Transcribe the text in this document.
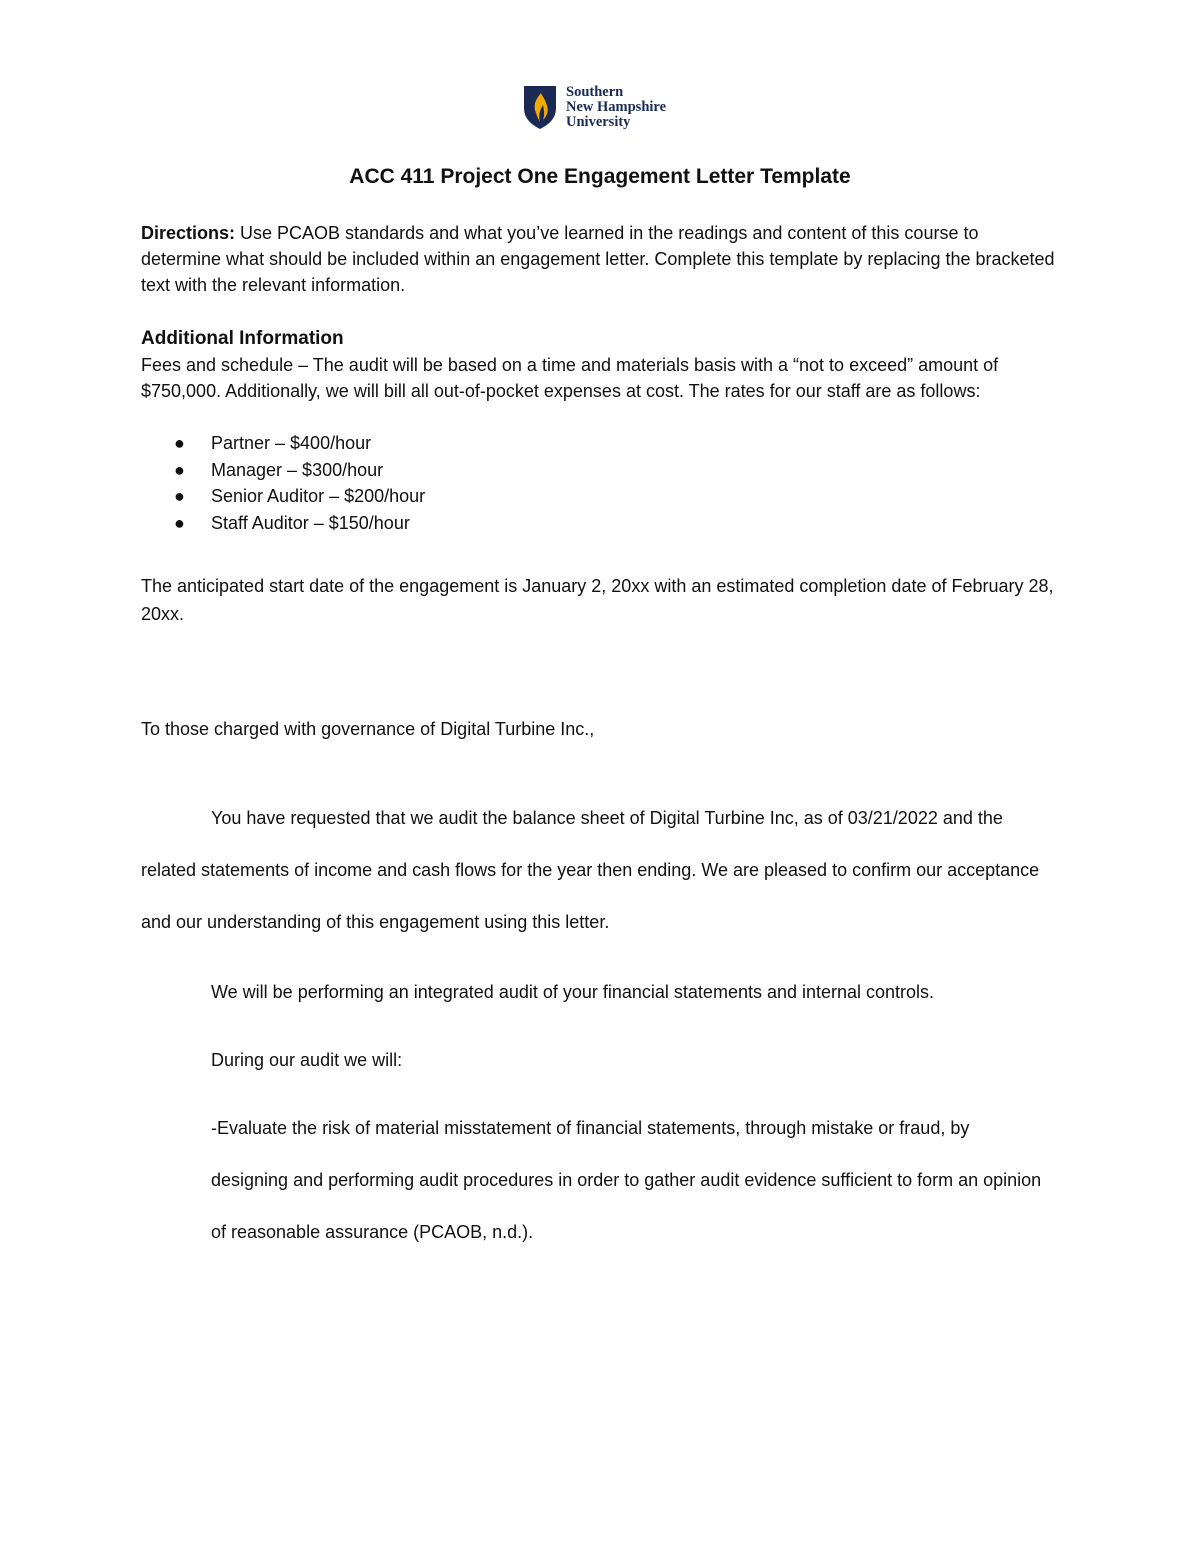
Southern
New Hampshire
University
ACC 411 Project One Engagement Letter Template

Directions: Use PCAOB standards and what you’ve learned in the readings and content of this course to determine what should be included within an engagement letter. Complete this template by replacing the bracketed text with the relevant information.

Additional Information

Fees and schedule – The audit will be based on a time and materials basis with a “not to exceed” amount of $750,000. Additionally, we will bill all out-of-pocket expenses at cost. The rates for our staff are as follows:

● Partner – $400/hour
● Manager – $300/hour
● Senior Auditor – $200/hour
● Staff Auditor – $150/hour

The anticipated start date of the engagement is January 2, 20xx with an estimated completion date of February 28, 20xx.

To those charged with governance of Digital Turbine Inc.,

You have requested that we audit the balance sheet of Digital Turbine Inc, as of 03/21/2022 and the related statements of income and cash flows for the year then ending. We are pleased to confirm our acceptance and our understanding of this engagement using this letter.

We will be performing an integrated audit of your financial statements and internal controls.

During our audit we will:

-Evaluate the risk of material misstatement of financial statements, through mistake or fraud, by designing and performing audit procedures in order to gather audit evidence sufficient to form an opinion of reasonable assurance (PCAOB, n.d.).
